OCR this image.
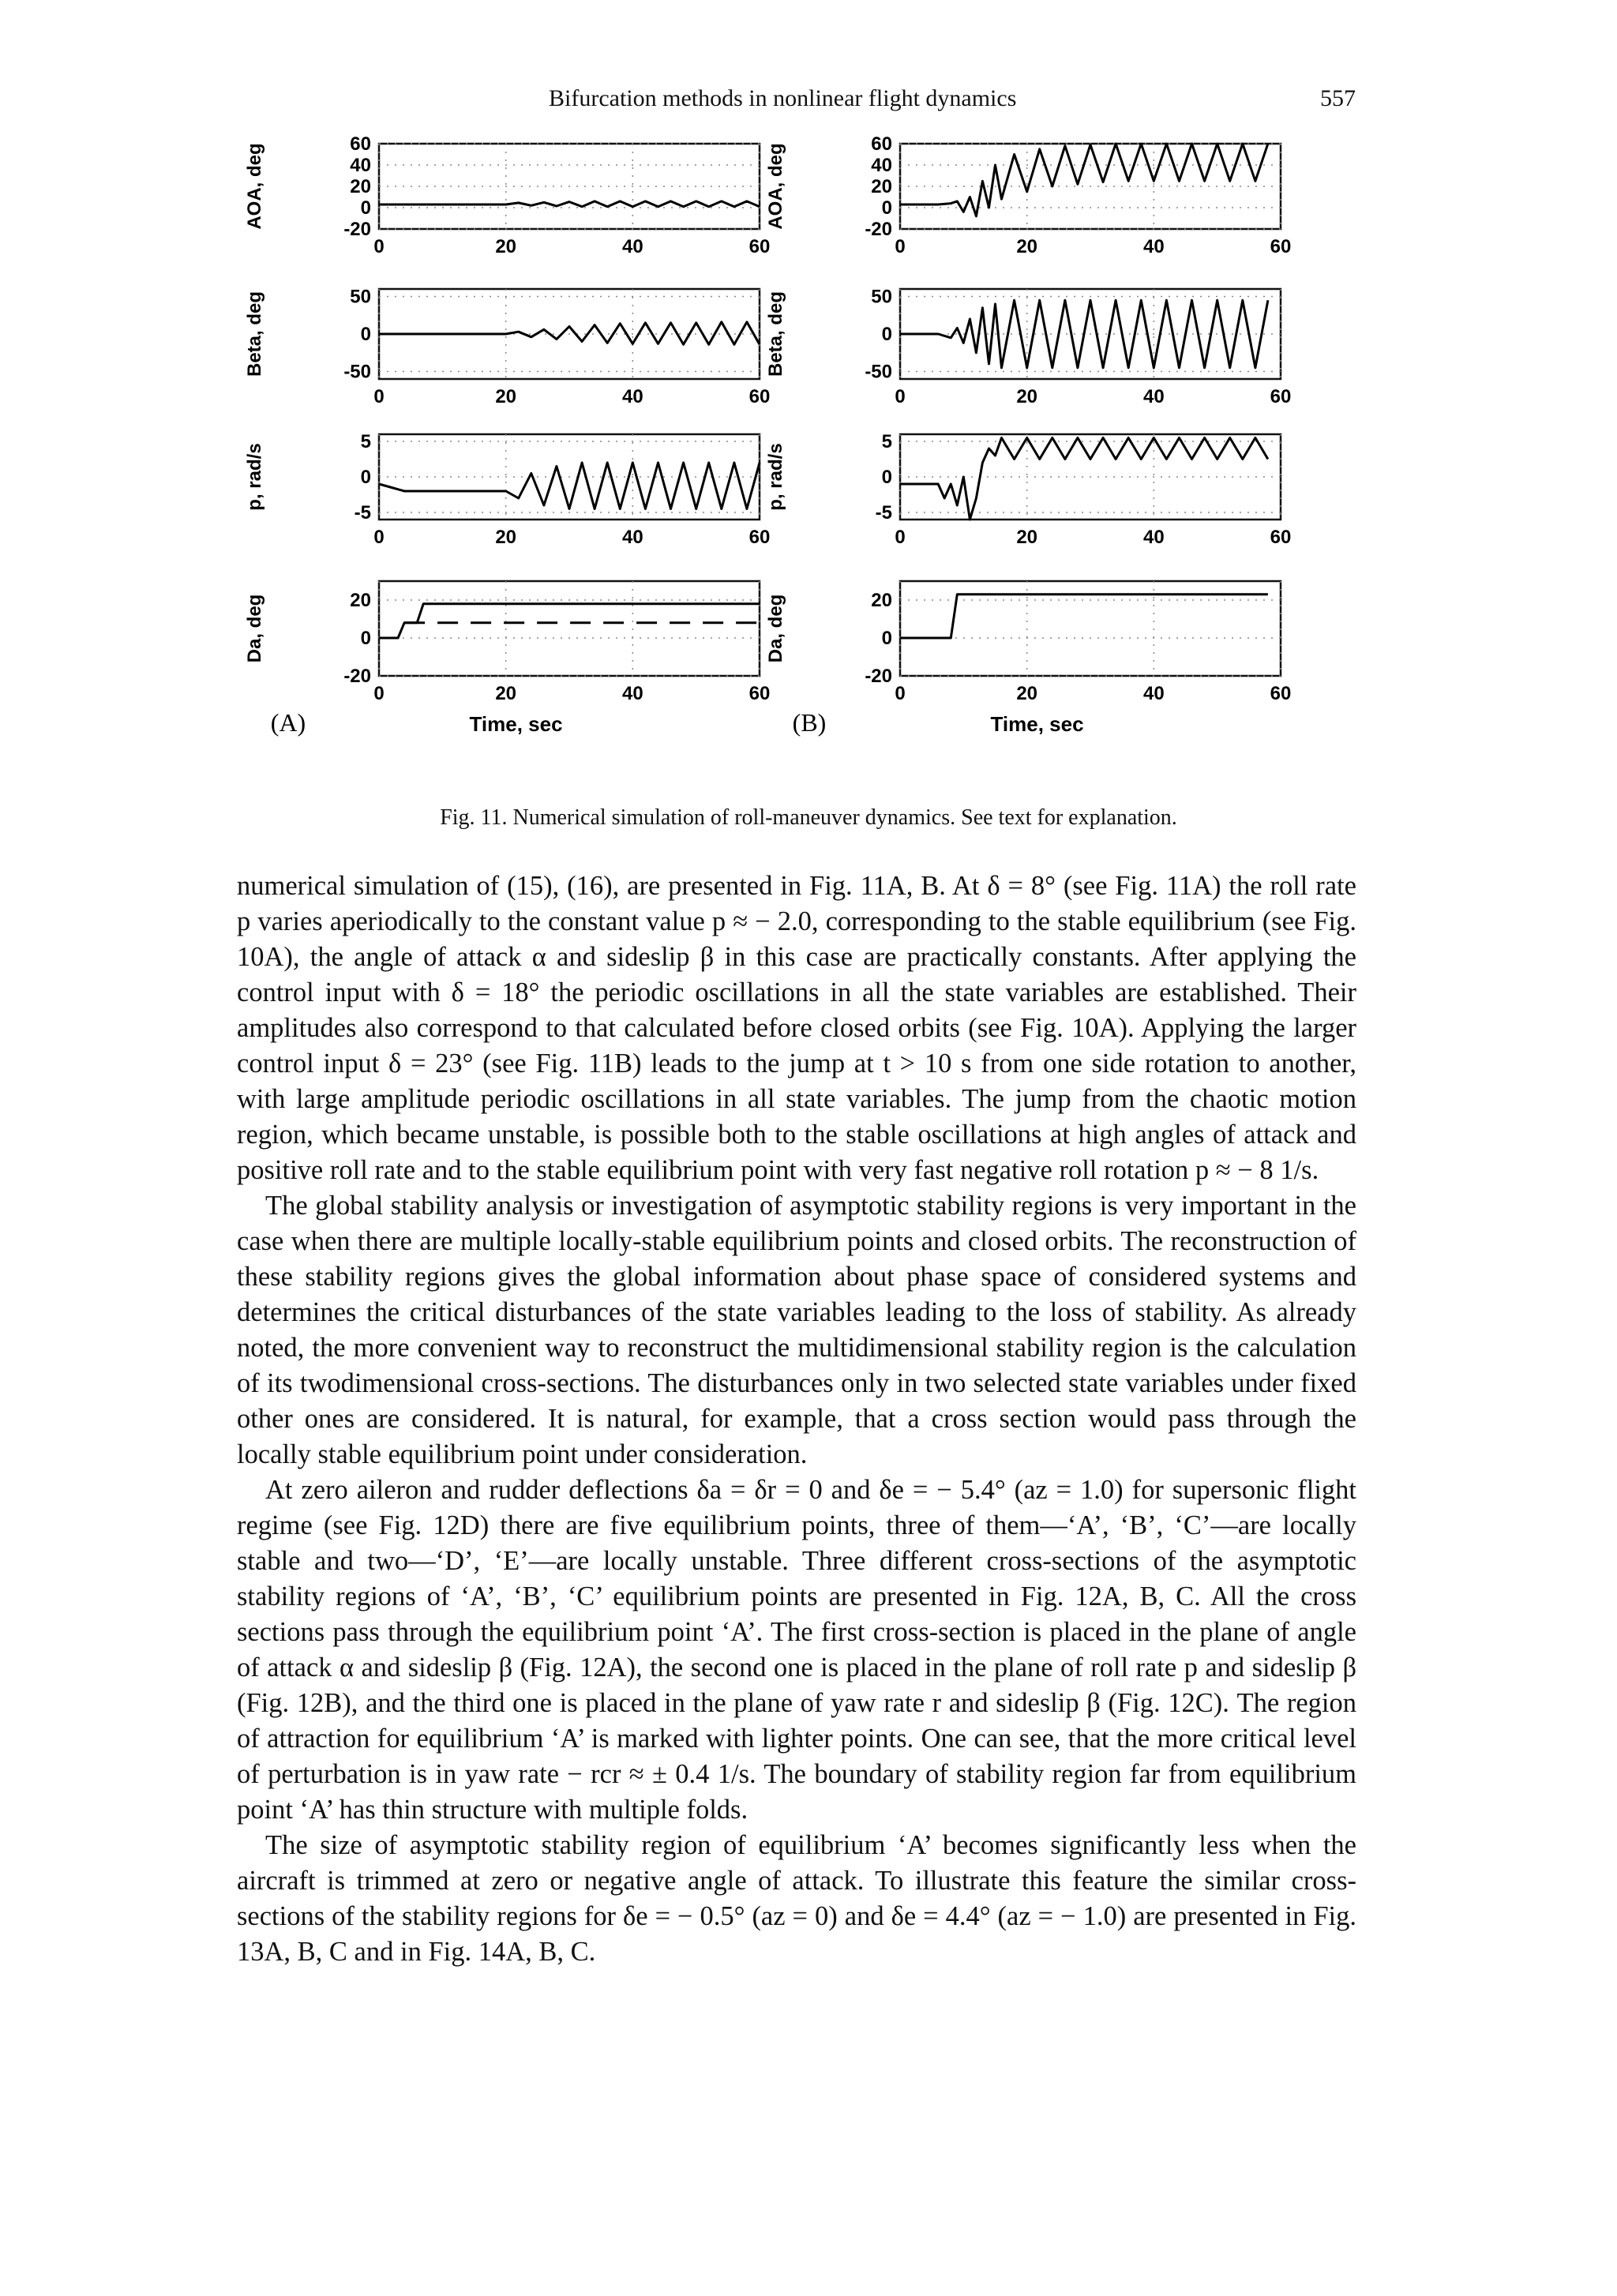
Bifurcation methods in nonlinear flight dynamics	557
0	20	40	60
60
40
20
0
-20
AOA, deg
0	20	40	60
50
0
-50
Beta, deg
0	20	40	60
5
0
-5
p, rad/s
0	20	40	60
20
0
-20
Da, deg
Time, sec
(A)
0	20	40	60
60
40
20
0
-20
AOA, deg
0	20	40	60
50
0
-50
Beta, deg
0	20	40	60
5
0
-5
p, rad/s
0	20	40	60
20
0
-20
Da, deg
Time, sec
(B)
Fig. 11. Numerical simulation of roll-maneuver dynamics. See text for explanation.

numerical simulation of (15), (16), are presented in Fig. 11A, B. At δ = 8° (see Fig. 11A) the roll rate p varies aperiodically to the constant value p ≈ − 2.0, corresponding to the stable equilibrium (see Fig. 10A), the angle of attack α and sideslip β in this case are practically constants. After applying the control input with δ = 18° the periodic oscillations in all the state variables are established. Their amplitudes also correspond to that calculated before closed orbits (see Fig. 10A). Applying the larger control input δ = 23° (see Fig. 11B) leads to the jump at t > 10 s from one side rotation to another, with large amplitude periodic oscillations in all state variables. The jump from the chaotic motion region, which became unstable, is possible both to the stable oscillations at high angles of attack and positive roll rate and to the stable equilibrium point with very fast negative roll rotation p ≈ − 8 1/s.

The global stability analysis or investigation of asymptotic stability regions is very important in the case when there are multiple locally-stable equilibrium points and closed orbits. The reconstruction of these stability regions gives the global information about phase space of considered systems and determines the critical disturbances of the state variables leading to the loss of stability. As already noted, the more convenient way to reconstruct the multidimensional stability region is the calculation of its twodimensional cross-sections. The disturbances only in two selected state variables under fixed other ones are considered. It is natural, for example, that a cross section would pass through the locally stable equilibrium point under consideration.

At zero aileron and rudder deflections δa = δr = 0 and δe = − 5.4° (az = 1.0) for supersonic flight regime (see Fig. 12D) there are five equilibrium points, three of them—‘A’, ‘B’, ‘C’—are locally stable and two—‘D’, ‘E’—are locally unstable. Three different cross-sections of the asymptotic stability regions of ‘A’, ‘B’, ‘C’ equilibrium points are presented in Fig. 12A, B, C. All the cross sections pass through the equilibrium point ‘A’. The first cross-section is placed in the plane of angle of attack α and sideslip β (Fig. 12A), the second one is placed in the plane of roll rate p and sideslip β (Fig. 12B), and the third one is placed in the plane of yaw rate r and sideslip β (Fig. 12C). The region of attraction for equilibrium ‘A’ is marked with lighter points. One can see, that the more critical level of perturbation is in yaw rate − rcr ≈ ± 0.4 1/s. The boundary of stability region far from equilibrium point ‘A’ has thin structure with multiple folds.

The size of asymptotic stability region of equilibrium ‘A’ becomes significantly less when the aircraft is trimmed at zero or negative angle of attack. To illustrate this feature the similar cross-sections of the stability regions for δe = − 0.5° (az = 0) and δe = 4.4° (az = − 1.0) are presented in Fig. 13A, B, C and in Fig. 14A, B, C.
